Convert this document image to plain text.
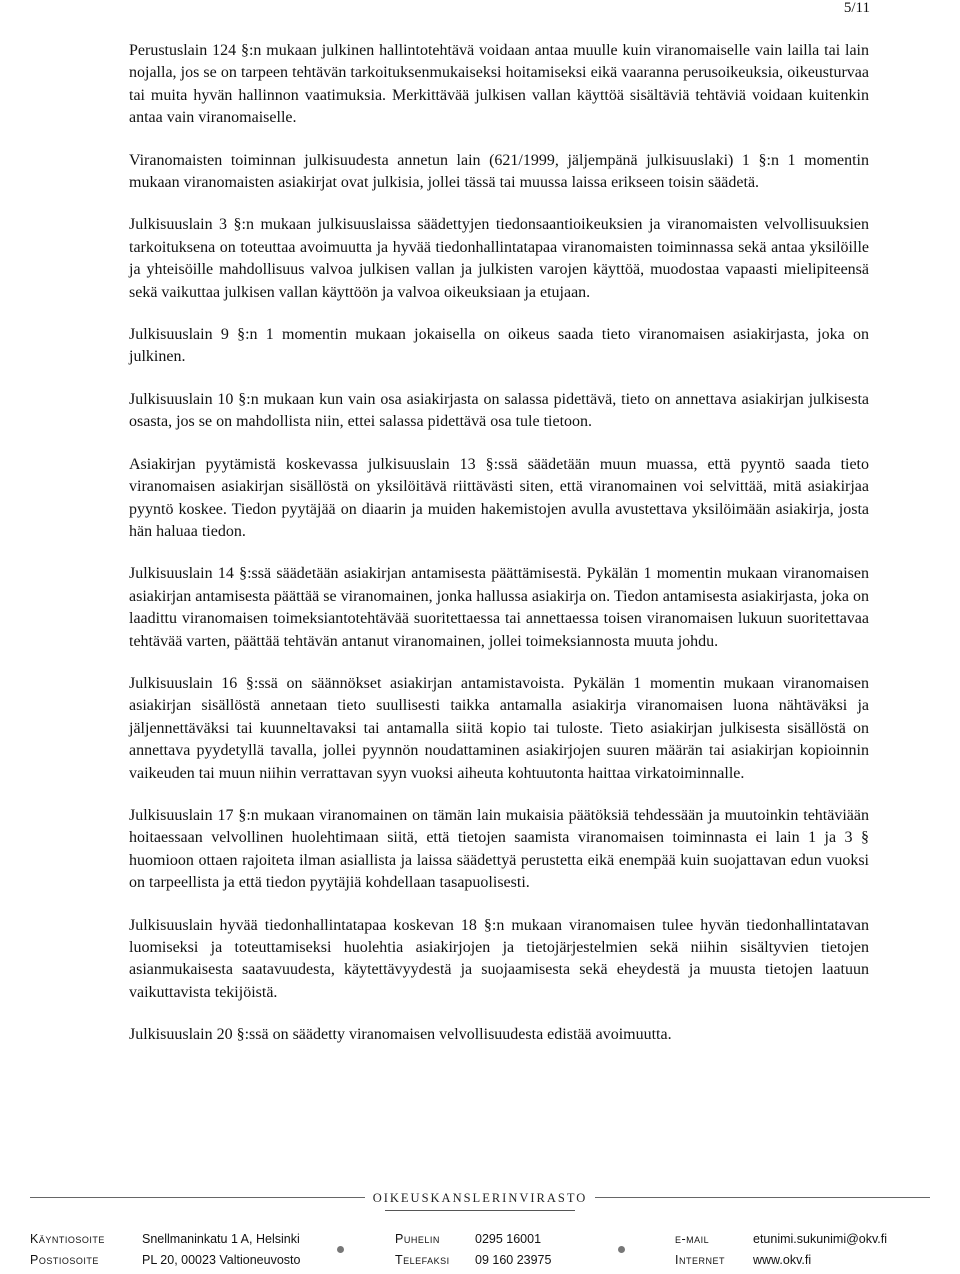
5/11

Perustuslain 124 §:n mukaan julkinen hallintotehtävä voidaan antaa muulle kuin viranomaiselle vain lailla tai lain nojalla, jos se on tarpeen tehtävän tarkoituksenmukaiseksi hoitamiseksi eikä vaaranna perusoikeuksia, oikeusturvaa tai muita hyvän hallinnon vaatimuksia. Merkittävää julkisen vallan käyttöä sisältäviä tehtäviä voidaan kuitenkin antaa vain viranomaiselle.

Viranomaisten toiminnan julkisuudesta annetun lain (621/1999, jäljempänä julkisuuslaki) 1 §:n 1 momentin mukaan viranomaisten asiakirjat ovat julkisia, jollei tässä tai muussa laissa erikseen toisin säädetä.

Julkisuuslain 3 §:n mukaan julkisuuslaissa säädettyjen tiedonsaantioikeuksien ja viranomaisten velvollisuuksien tarkoituksena on toteuttaa avoimuutta ja hyvää tiedonhallintatapaa viranomaisten toiminnassa sekä antaa yksilöille ja yhteisöille mahdollisuus valvoa julkisen vallan ja julkisten varojen käyttöä, muodostaa vapaasti mielipiteensä sekä vaikuttaa julkisen vallan käyttöön ja valvoa oikeuksiaan ja etujaan.

Julkisuuslain 9 §:n 1 momentin mukaan jokaisella on oikeus saada tieto viranomaisen asiakirjasta, joka on julkinen.

Julkisuuslain 10 §:n mukaan kun vain osa asiakirjasta on salassa pidettävä, tieto on annettava asiakirjan julkisesta osasta, jos se on mahdollista niin, ettei salassa pidettävä osa tule tietoon.

Asiakirjan pyytämistä koskevassa julkisuuslain 13 §:ssä säädetään muun muassa, että pyyntö saada tieto viranomaisen asiakirjan sisällöstä on yksilöitävä riittävästi siten, että viranomainen voi selvittää, mitä asiakirjaa pyyntö koskee. Tiedon pyytäjää on diaarin ja muiden hakemistojen avulla avustettava yksilöimään asiakirja, josta hän haluaa tiedon.

Julkisuuslain 14 §:ssä säädetään asiakirjan antamisesta päättämisestä. Pykälän 1 momentin mukaan viranomaisen asiakirjan antamisesta päättää se viranomainen, jonka hallussa asiakirja on. Tiedon antamisesta asiakirjasta, joka on laadittu viranomaisen toimeksiantotehtävää suoritettaessa tai annettaessa toisen viranomaisen lukuun suoritettavaa tehtävää varten, päättää tehtävän antanut viranomainen, jollei toimeksiannosta muuta johdu.

Julkisuuslain 16 §:ssä on säännökset asiakirjan antamistavoista. Pykälän 1 momentin mukaan viranomaisen asiakirjan sisällöstä annetaan tieto suullisesti taikka antamalla asiakirja viranomaisen luona nähtäväksi ja jäljennettäväksi tai kuunneltavaksi tai antamalla siitä kopio tai tuloste. Tieto asiakirjan julkisesta sisällöstä on annettava pyydetyllä tavalla, jollei pyynnön noudattaminen asiakirjojen suuren määrän tai asiakirjan kopioinnin vaikeuden tai muun niihin verrattavan syyn vuoksi aiheuta kohtuutonta haittaa virkatoiminnalle.

Julkisuuslain 17 §:n mukaan viranomainen on tämän lain mukaisia päätöksiä tehdessään ja muutoinkin tehtäviään hoitaessaan velvollinen huolehtimaan siitä, että tietojen saamista viranomaisen toiminnasta ei lain 1 ja 3 § huomioon ottaen rajoiteta ilman asiallista ja laissa säädettyä perustetta eikä enempää kuin suojattavan edun vuoksi on tarpeellista ja että tiedon pyytäjiä kohdellaan tasapuolisesti.

Julkisuuslain hyvää tiedonhallintatapaa koskevan 18 §:n mukaan viranomaisen tulee hyvän tiedonhallintatavan luomiseksi ja toteuttamiseksi huolehtia asiakirjojen ja tietojärjestelmien sekä niihin sisältyvien tietojen asianmukaisesta saatavuudesta, käytettävyydestä ja suojaamisesta sekä eheydestä ja muusta tietojen laatuun vaikuttavista tekijöistä.

Julkisuuslain 20 §:ssä on säädetty viranomaisen velvollisuudesta edistää avoimuutta.

OIKEUSKANSLERINVIRASTO
Käyntiosoite	Snellmaninkatu 1 A, Helsinki	Puhelin	0295 16001	e-mail	etunimi.sukunimi@okv.fi
Postiosoite	PL 20, 00023 Valtioneuvosto	Telefaksi 09 160 23975	Internet www.okv.fi
